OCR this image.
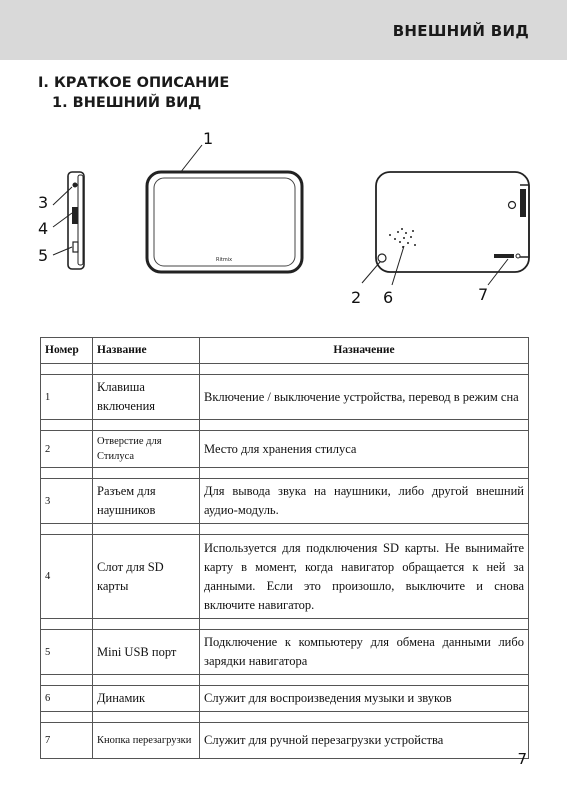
ВНЕШНИЙ ВИД
I. КРАТКОЕ ОПИСАНИЕ
1. ВНЕШНИЙ ВИД
Ritmix
1
3
4
5
2 6	7
Номер	Название	Назначение

1	Клавиша включения	Включение / выключение устройства, перевод в режим сна

2	Отверстие для Стилуса	Место для хранения стилуса

3	Разъем для наушников	Для вывода звука на наушники, либо другой внешний аудио-модуль.

4	Слот для SD карты	Используется для подключения SD карты. Не вынимайте карту в момент, когда навигатор обращается к ней за данными. Если это произошло, выключите и снова включите навигатор.

5	Mini USB порт	Подключение к компьютеру для обмена данными либо зарядки навигатора

6	Динамик	Служит для воспроизведения музыки и звуков

7	Кнопка перезагрузки	Служит для ручной перезагрузки устройства
7
